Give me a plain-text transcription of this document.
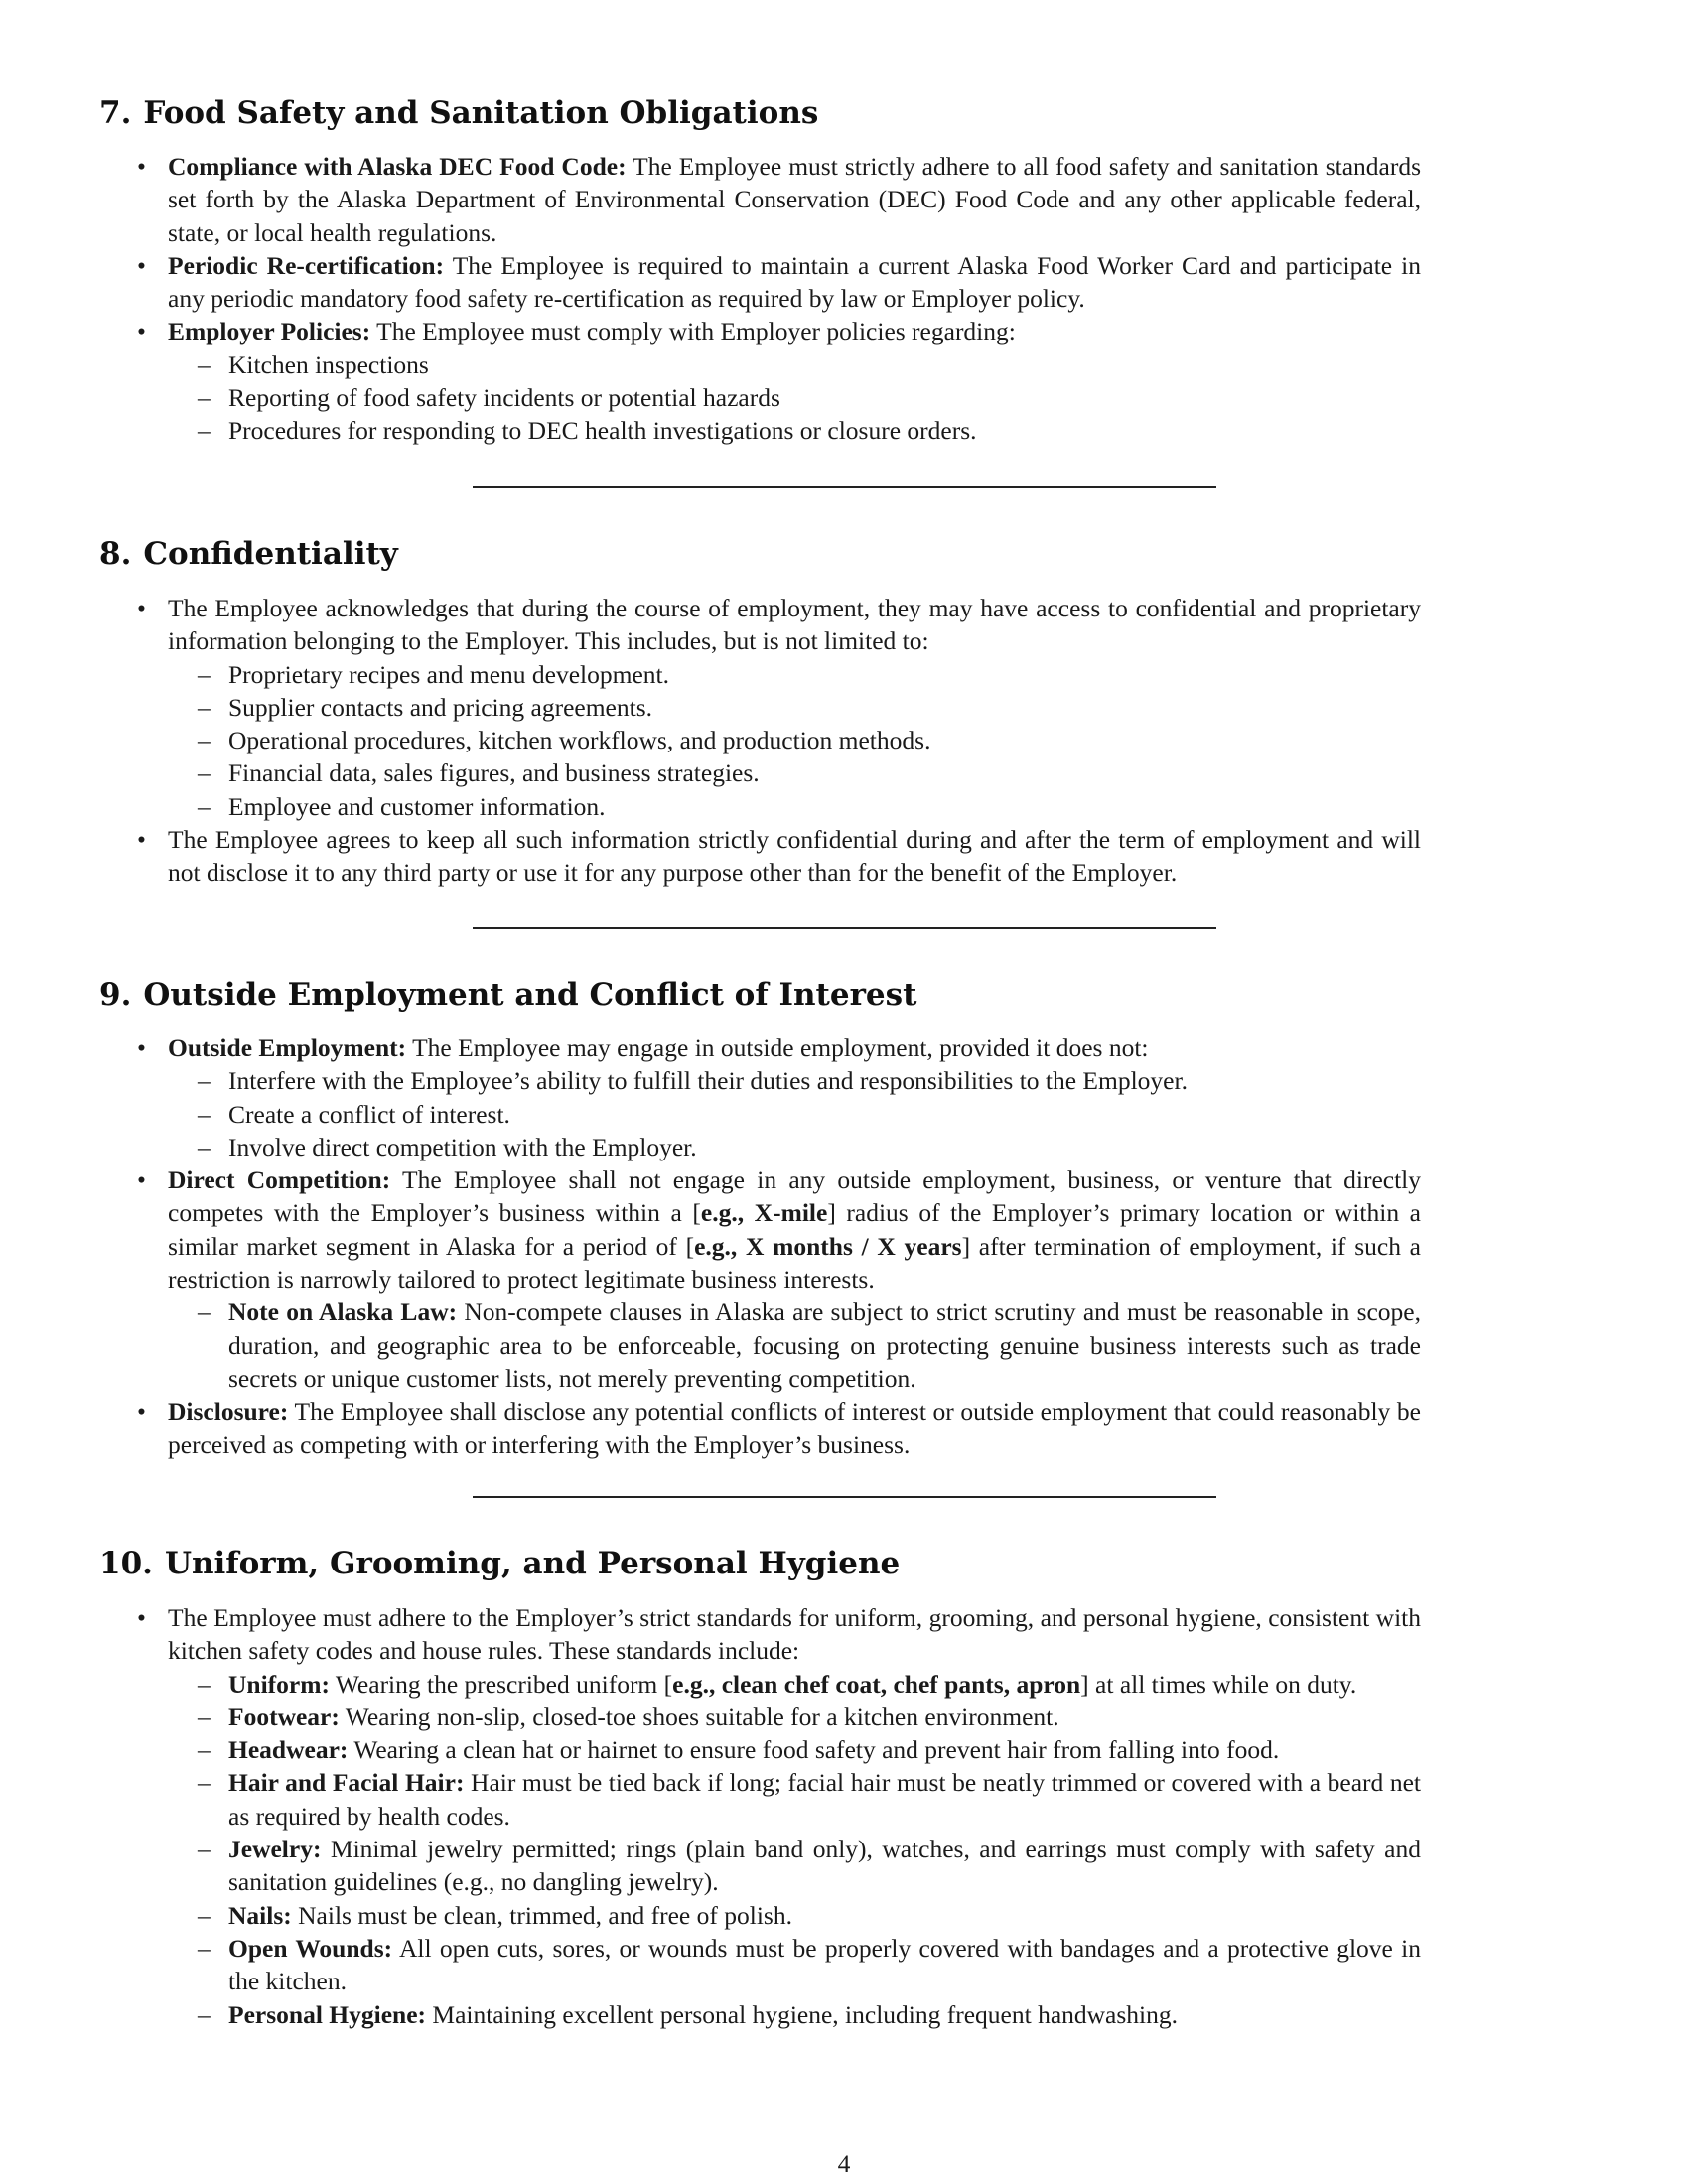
7. Food Safety and Sanitation Obligations
• Compliance with Alaska DEC Food Code: The Employee must strictly adhere to all food safety and sanitation standards set forth by the Alaska Department of Environmental Conservation (DEC) Food Code and any other applicable federal, state, or local health regulations.
• Periodic Re-certification: The Employee is required to maintain a current Alaska Food Worker Card and participate in any periodic mandatory food safety re-certification as required by law or Employer policy.
• Employer Policies: The Employee must comply with Employer policies regarding:
– Kitchen inspections
– Reporting of food safety incidents or potential hazards
– Procedures for responding to DEC health investigations or closure orders.
8. Confidentiality
• The Employee acknowledges that during the course of employment, they may have access to confidential and proprietary information belonging to the Employer. This includes, but is not limited to:
– Proprietary recipes and menu development.
– Supplier contacts and pricing agreements.
– Operational procedures, kitchen workflows, and production methods.
– Financial data, sales figures, and business strategies.
– Employee and customer information.
• The Employee agrees to keep all such information strictly confidential during and after the term of employment and will not disclose it to any third party or use it for any purpose other than for the benefit of the Employer.
9. Outside Employment and Conflict of Interest
• Outside Employment: The Employee may engage in outside employment, provided it does not:
– Interfere with the Employee’s ability to fulfill their duties and responsibilities to the Employer.
– Create a conflict of interest.
– Involve direct competition with the Employer.
• Direct Competition: The Employee shall not engage in any outside employment, business, or venture that directly competes with the Employer’s business within a [e.g., X-mile] radius of the Employer’s primary location or within a similar market segment in Alaska for a period of [e.g., X months / X years] after termination of employment, if such a restriction is narrowly tailored to protect legitimate business interests.
– Note on Alaska Law: Non-compete clauses in Alaska are subject to strict scrutiny and must be reasonable in scope, duration, and geographic area to be enforceable, focusing on protecting genuine business interests such as trade secrets or unique customer lists, not merely preventing competition.
• Disclosure: The Employee shall disclose any potential conflicts of interest or outside employment that could reasonably be perceived as competing with or interfering with the Employer’s business.
10. Uniform, Grooming, and Personal Hygiene
• The Employee must adhere to the Employer’s strict standards for uniform, grooming, and personal hygiene, consistent with kitchen safety codes and house rules. These standards include:
– Uniform: Wearing the prescribed uniform [e.g., clean chef coat, chef pants, apron] at all times while on duty.
– Footwear: Wearing non-slip, closed-toe shoes suitable for a kitchen environment.
– Headwear: Wearing a clean hat or hairnet to ensure food safety and prevent hair from falling into food.
– Hair and Facial Hair: Hair must be tied back if long; facial hair must be neatly trimmed or covered with a beard net as required by health codes.
– Jewelry: Minimal jewelry permitted; rings (plain band only), watches, and earrings must comply with safety and sanitation guidelines (e.g., no dangling jewelry).
– Nails: Nails must be clean, trimmed, and free of polish.
– Open Wounds: All open cuts, sores, or wounds must be properly covered with bandages and a protective glove in the kitchen.
– Personal Hygiene: Maintaining excellent personal hygiene, including frequent handwashing.
4
